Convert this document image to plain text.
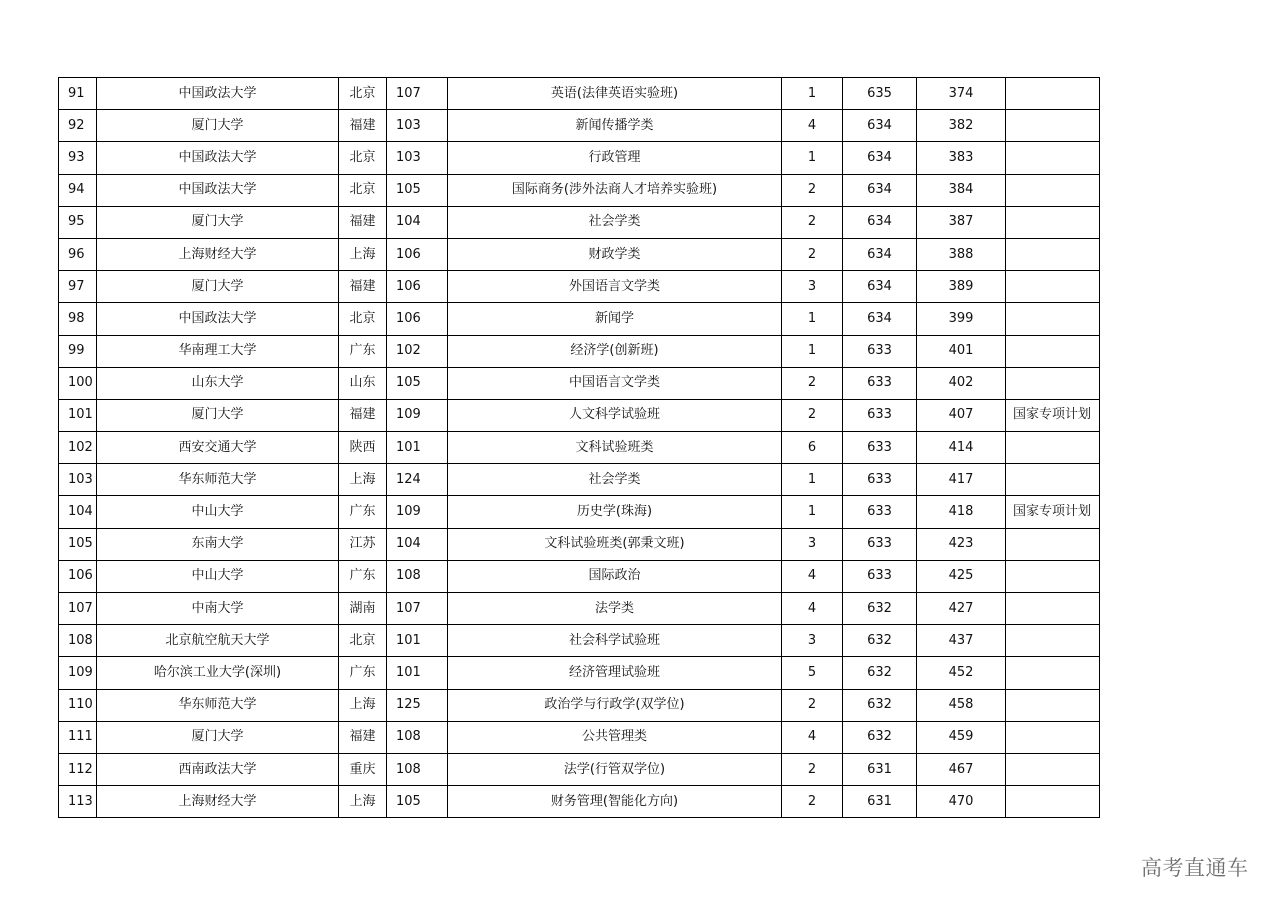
91	中国政法大学	北京	107	英语(法律英语实验班)	1	635	374	
92	厦门大学	福建	103	新闻传播学类	4	634	382	
93	中国政法大学	北京	103	行政管理	1	634	383	
94	中国政法大学	北京	105	国际商务(涉外法商人才培养实验班)	2	634	384	
95	厦门大学	福建	104	社会学类	2	634	387	
96	上海财经大学	上海	106	财政学类	2	634	388	
97	厦门大学	福建	106	外国语言文学类	3	634	389	
98	中国政法大学	北京	106	新闻学	1	634	399	
99	华南理工大学	广东	102	经济学(创新班)	1	633	401	
100	山东大学	山东	105	中国语言文学类	2	633	402	
101	厦门大学	福建	109	人文科学试验班	2	633	407	国家专项计划
102	西安交通大学	陕西	101	文科试验班类	6	633	414	
103	华东师范大学	上海	124	社会学类	1	633	417	
104	中山大学	广东	109	历史学(珠海)	1	633	418	国家专项计划
105	东南大学	江苏	104	文科试验班类(郭秉文班)	3	633	423	
106	中山大学	广东	108	国际政治	4	633	425	
107	中南大学	湖南	107	法学类	4	632	427	
108	北京航空航天大学	北京	101	社会科学试验班	3	632	437	
109	哈尔滨工业大学(深圳)	广东	101	经济管理试验班	5	632	452	
110	华东师范大学	上海	125	政治学与行政学(双学位)	2	632	458	
111	厦门大学	福建	108	公共管理类	4	632	459	
112	西南政法大学	重庆	108	法学(行管双学位)	2	631	467	
113	上海财经大学	上海	105	财务管理(智能化方向)	2	631	470	
高考直通车
